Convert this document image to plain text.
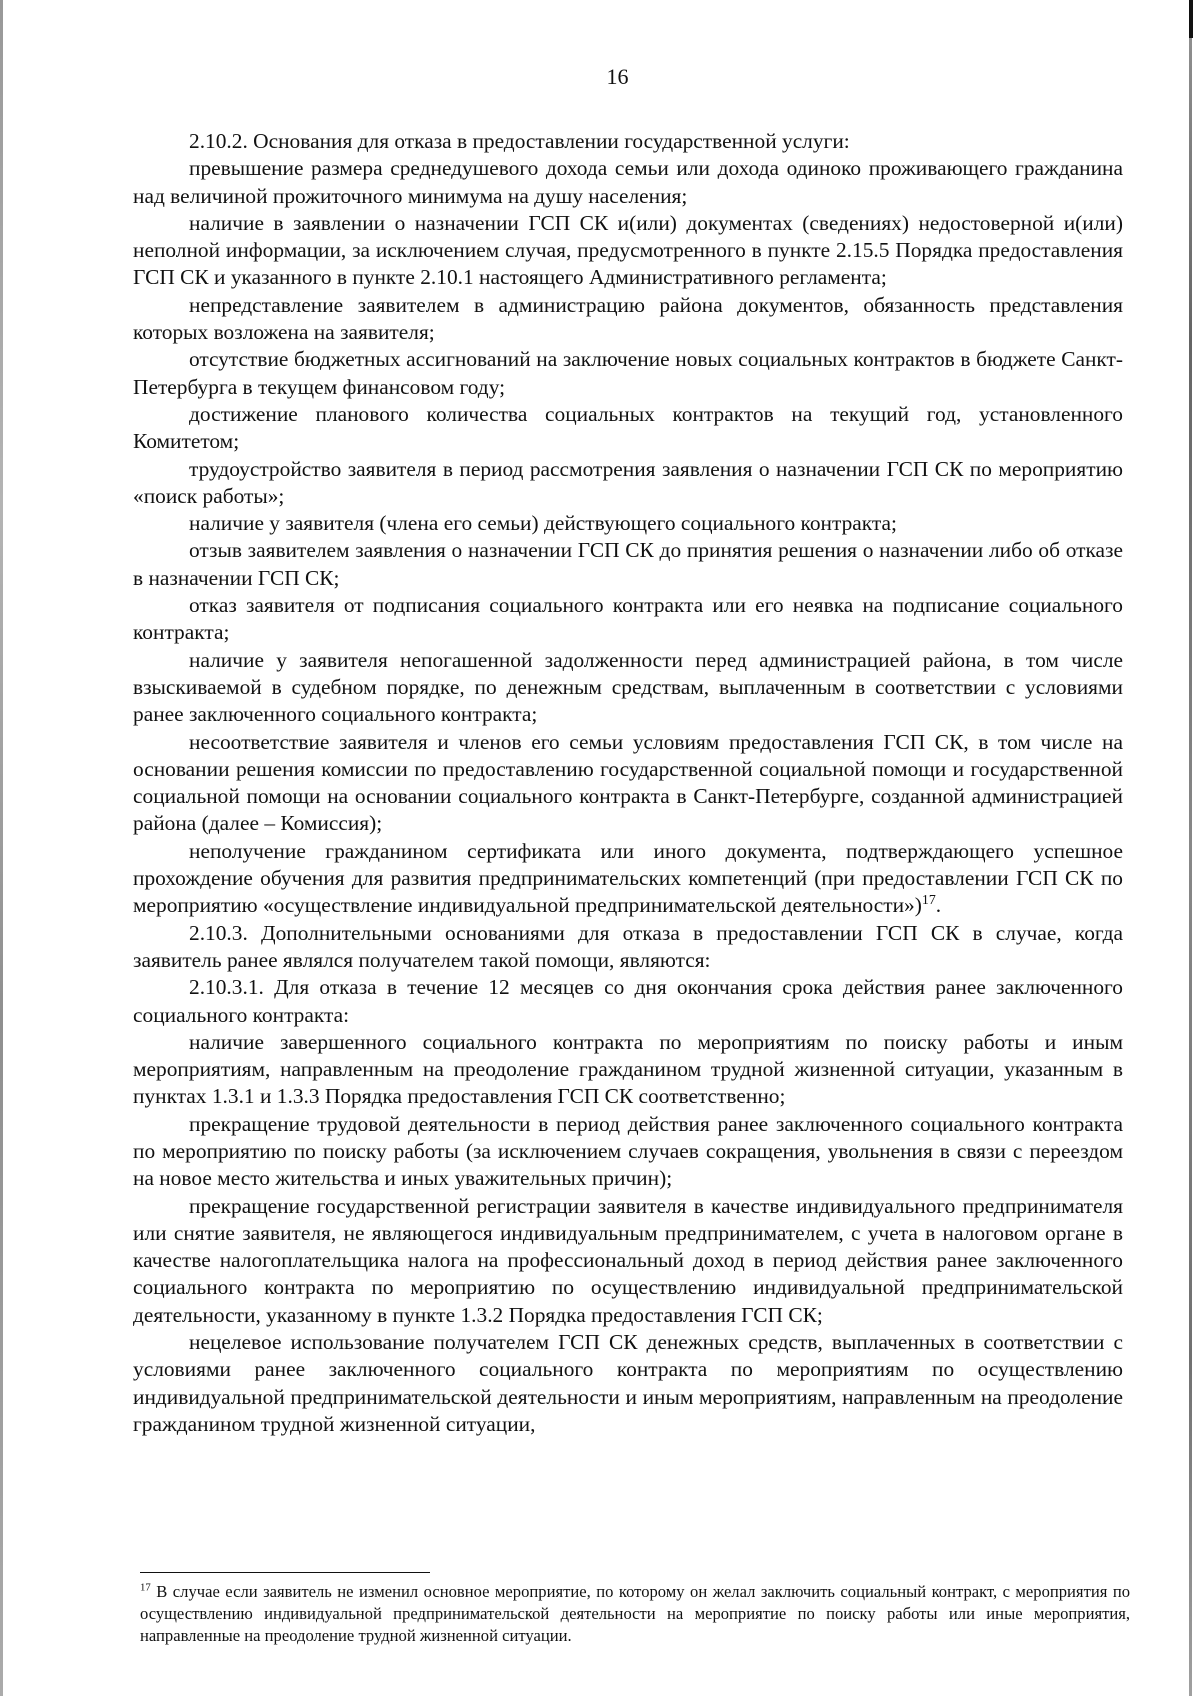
16

2.10.2. Основания для отказа в предоставлении государственной услуги:

превышение размера среднедушевого дохода семьи или дохода одиноко проживающего гражданина над величиной прожиточного минимума на душу населения;

наличие в заявлении о назначении ГСП СК и(или) документах (сведениях) недостоверной и(или) неполной информации, за исключением случая, предусмотренного в пункте 2.15.5 Порядка предоставления ГСП СК и указанного в пункте 2.10.1 настоящего Административного регламента;

непредставление заявителем в администрацию района документов, обязанность представления которых возложена на заявителя;

отсутствие бюджетных ассигнований на заключение новых социальных контрактов в бюджете Санкт-Петербурга в текущем финансовом году;

достижение планового количества социальных контрактов на текущий год, установленного Комитетом;

трудоустройство заявителя в период рассмотрения заявления о назначении ГСП СК по мероприятию «поиск работы»;

наличие у заявителя (члена его семьи) действующего социального контракта;

отзыв заявителем заявления о назначении ГСП СК до принятия решения о назначении либо об отказе в назначении ГСП СК;

отказ заявителя от подписания социального контракта или его неявка на подписание социального контракта;

наличие у заявителя непогашенной задолженности перед администрацией района, в том числе взыскиваемой в судебном порядке, по денежным средствам, выплаченным в соответствии с условиями ранее заключенного социального контракта;

несоответствие заявителя и членов его семьи условиям предоставления ГСП СК, в том числе на основании решения комиссии по предоставлению государственной социальной помощи и государственной социальной помощи на основании социального контракта в Санкт-Петербурге, созданной администрацией района (далее – Комиссия);

неполучение гражданином сертификата или иного документа, подтверждающего успешное прохождение обучения для развития предпринимательских компетенций (при предоставлении ГСП СК по мероприятию «осуществление индивидуальной предпринимательской деятельности»)$^{17}$.

2.10.3. Дополнительными основаниями для отказа в предоставлении ГСП СК в случае, когда заявитель ранее являлся получателем такой помощи, являются:

2.10.3.1. Для отказа в течение 12 месяцев со дня окончания срока действия ранее заключенного социального контракта:

наличие завершенного социального контракта по мероприятиям по поиску работы и иным мероприятиям, направленным на преодоление гражданином трудной жизненной ситуации, указанным в пунктах 1.3.1 и 1.3.3 Порядка предоставления ГСП СК соответственно;

прекращение трудовой деятельности в период действия ранее заключенного социального контракта по мероприятию по поиску работы (за исключением случаев сокращения, увольнения в связи с переездом на новое место жительства и иных уважительных причин);

прекращение государственной регистрации заявителя в качестве индивидуального предпринимателя или снятие заявителя, не являющегося индивидуальным предпринимателем, с учета в налоговом органе в качестве налогоплательщика налога на профессиональный доход в период действия ранее заключенного социального контракта по мероприятию по осуществлению индивидуальной предпринимательской деятельности, указанному в пункте 1.3.2 Порядка предоставления ГСП СК;

нецелевое использование получателем ГСП СК денежных средств, выплаченных в соответствии с условиями ранее заключенного социального контракта по мероприятиям по осуществлению индивидуальной предпринимательской деятельности и иным мероприятиям, направленным на преодоление гражданином трудной жизненной ситуации,

$^{17}$ В случае если заявитель не изменил основное мероприятие, по которому он желал заключить социальный контракт, с мероприятия по осуществлению индивидуальной предпринимательской деятельности на мероприятие по поиску работы или иные мероприятия, направленные на преодоление трудной жизненной ситуации.
